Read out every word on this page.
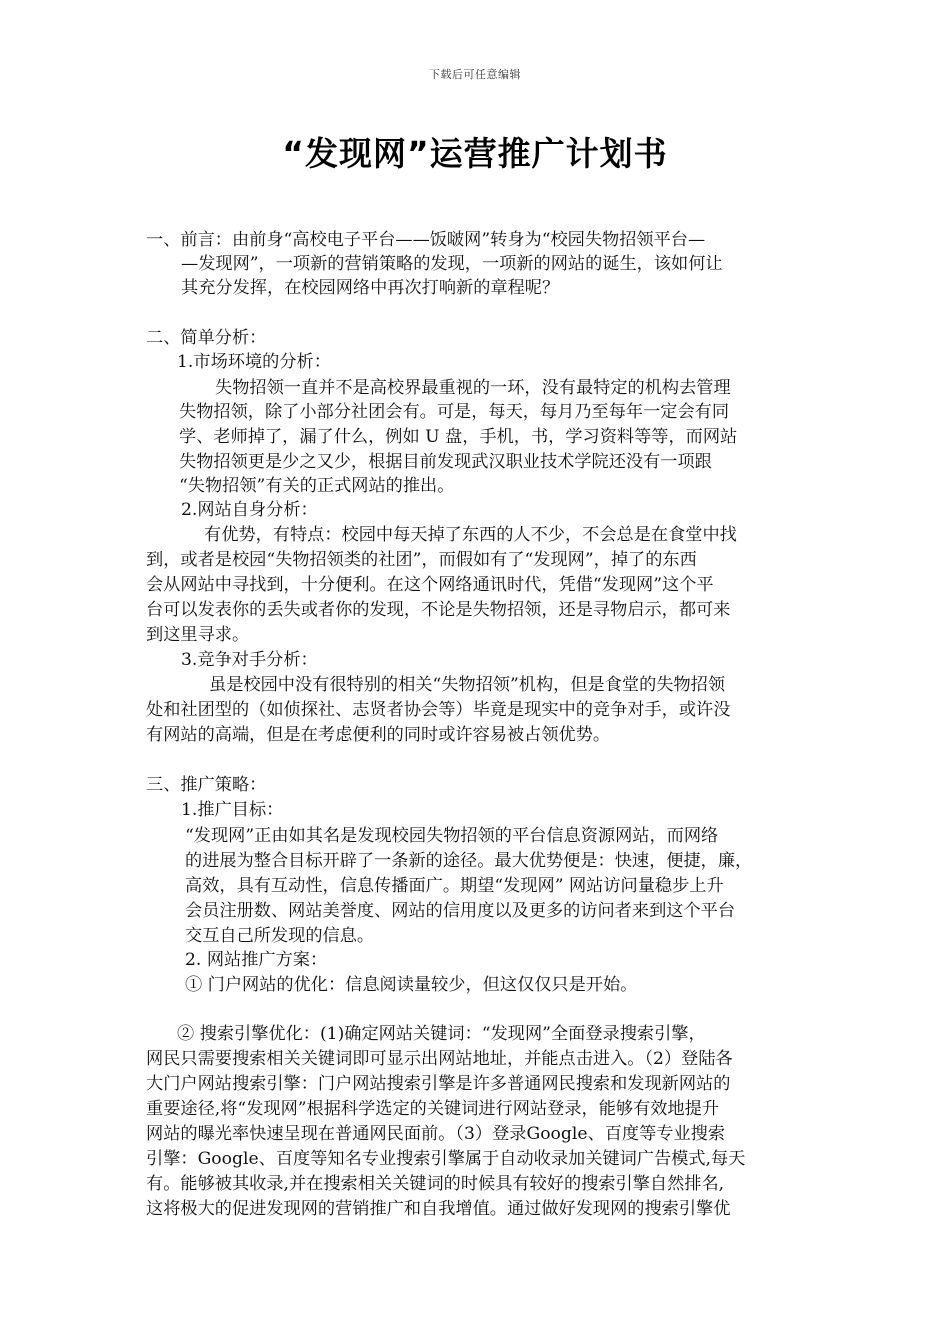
下载后可任意编辑
“发现网”运营推广计划书
一、前言：由前身“高校电子平台——饭啵网”转身为“校园失物招领平台—
—发现网”，一项新的营销策略的发现，一项新的网站的诞生，该如何让
其充分发挥，在校园网络中再次打响新的章程呢？
二、简单分析：
1.市场环境的分析：
失物招领一直并不是高校界最重视的一环，没有最特定的机构去管理
失物招领，除了小部分社团会有。可是，每天，每月乃至每年一定会有同
学、老师掉了，漏了什么，例如 U 盘，手机，书，学习资料等等，而网站
失物招领更是少之又少，根据目前发现武汉职业技术学院还没有一项跟
“失物招领”有关的正式网站的推出。
2.网站自身分析：
有优势，有特点：校园中每天掉了东西的人不少，不会总是在食堂中找
到，或者是校园“失物招领类的社团”，而假如有了“发现网”，掉了的东西
会从网站中寻找到，十分便利。在这个网络通讯时代，凭借“发现网”这个平
台可以发表你的丢失或者你的发现，不论是失物招领，还是寻物启示，都可来
到这里寻求。
3.竞争对手分析：
虽是校园中没有很特别的相关“失物招领”机构，但是食堂的失物招领
处和社团型的（如侦探社、志贤者协会等）毕竟是现实中的竞争对手，或许没
有网站的高端，但是在考虑便利的同时或许容易被占领优势。
三、推广策略：
1.推广目标：
“发现网”正由如其名是发现校园失物招领的平台信息资源网站，而网络
的进展为整合目标开辟了一条新的途径。最大优势便是：快速，便捷，廉，
高效，具有互动性，信息传播面广。期望“发现网” 网站访问量稳步上升
会员注册数、网站美誉度、网站的信用度以及更多的访问者来到这个平台
交互自己所发现的信息。
2. 网站推广方案：
① 门户网站的优化：信息阅读量较少，但这仅仅只是开始。
② 搜索引擎优化：(1)确定网站关键词：“发现网”全面登录搜索引擎，
网民只需要搜索相关关键词即可显示出网站地址，并能点击进入。（2）登陆各
大门户网站搜索引擎：门户网站搜索引擎是许多普通网民搜索和发现新网站的
重要途径,将“发现网”根据科学选定的关键词进行网站登录，能够有效地提升
网站的曝光率快速呈现在普通网民面前。（3）登录Google、百度等专业搜索
引擎：Google、百度等知名专业搜索引擎属于自动收录加关键词广告模式,每天
有。能够被其收录,并在搜索相关关键词的时候具有较好的搜索引擎自然排名,
这将极大的促进发现网的营销推广和自我增值。通过做好发现网的搜索引擎优
